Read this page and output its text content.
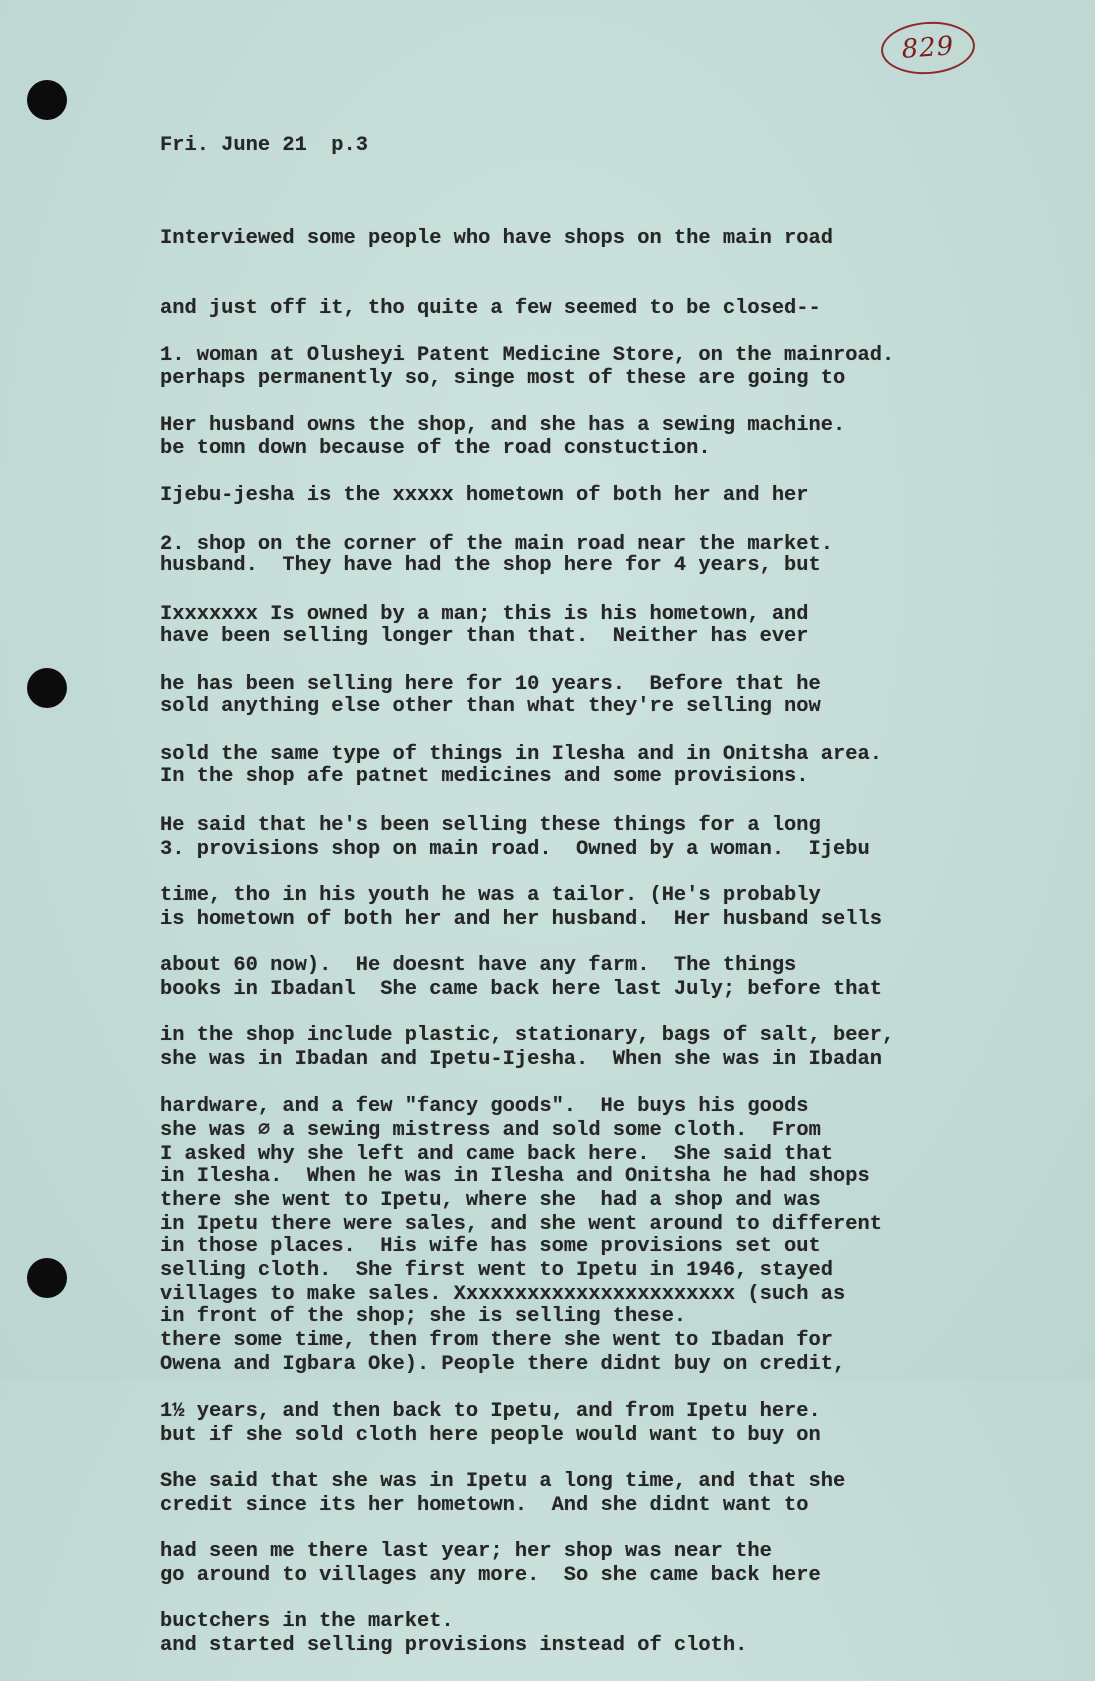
829
Fri. June 21  p.3

Interviewed some people who have shops on the main road

and just off it, tho quite a few seemed to be closed--

perhaps permanently so, singe most of these are going to

be tomn down because of the road constuction.

1. woman at Olusheyi Patent Medicine Store, on the mainroad.

Her husband owns the shop, and she has a sewing machine.

Ijebu-jesha is the xxxxx hometown of both her and her

husband.  They have had the shop here for 4 years, but

have been selling longer than that.  Neither has ever

sold anything else other than what they're selling now

In the shop afe patnet medicines and some provisions.

2. shop on the corner of the main road near the market.

Ixxxxxxx Is owned by a man; this is his hometown, and

he has been selling here for 10 years.  Before that he

sold the same type of things in Ilesha and in Onitsha area.

He said that he's been selling these things for a long

time, tho in his youth he was a tailor. (He's probably

about 60 now).  He doesnt have any farm.  The things

in the shop include plastic, stationary, bags of salt, beer,

hardware, and a few "fancy goods".  He buys his goods

in Ilesha.  When he was in Ilesha and Onitsha he had shops

in those places.  His wife has some provisions set out

in front of the shop; she is selling these.

3. provisions shop on main road.  Owned by a woman.  Ijebu

is hometown of both her and her husband.  Her husband sells

books in Ibadanl  She came back here last July; before that

she was in Ibadan and Ipetu-Ijesha.  When she was in Ibadan

she was ∅ a sewing mistress and sold some cloth.  From

there she went to Ipetu, where she  had a shop and was

selling cloth.  She first went to Ipetu in 1946, stayed

there some time, then from there she went to Ibadan for

1½ years, and then back to Ipetu, and from Ipetu here.

She said that she was in Ipetu a long time, and that she

had seen me there last year; her shop was near the

buctchers in the market.

I asked why she left and came back here.  She said that

in Ipetu there were sales, and she went around to different

villages to make sales. Xxxxxxxxxxxxxxxxxxxxxxx (such as

Owena and Igbara Oke). People there didnt buy on credit,

but if she sold cloth here people would want to buy on

credit since its her hometown.  And she didnt want to

go around to villages any more.  So she came back here

and started selling provisions instead of cloth.
